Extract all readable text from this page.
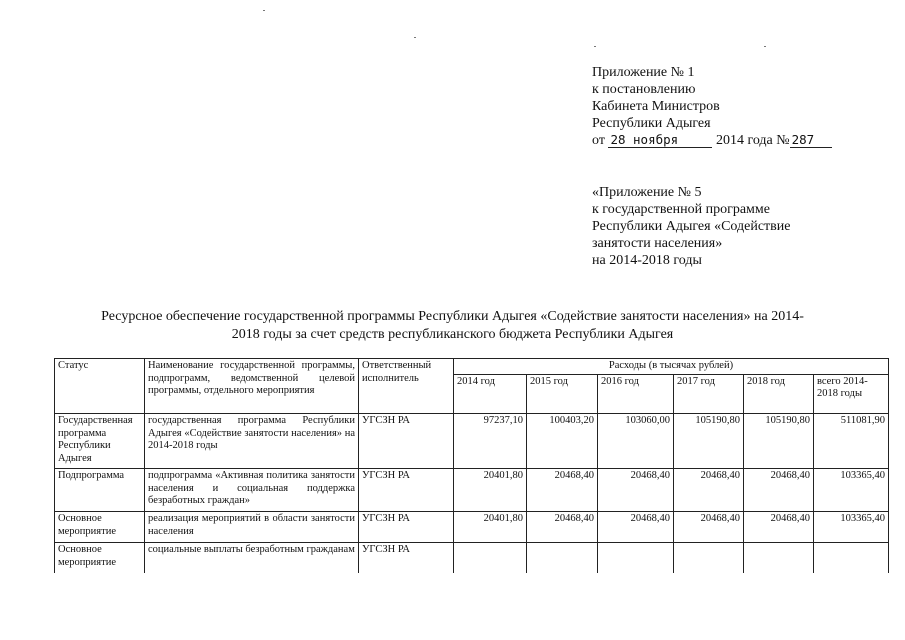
Приложение № 1
к постановлению
Кабинета Министров
Республики Адыгея
от 28 ноября	2014 года № 287
«Приложение № 5
к государственной программе
Республики Адыгея «Содействие
занятости населения»
на 2014-2018 годы
Ресурсное обеспечение государственной программы Республики Адыгея «Содействие занятости населения» на 2014-
2018 годы за счет средств республиканского бюджета Республики Адыгея
Статус	Наименование государственной программы, подпрограмм, ведомственной целевой программы, отдельного мероприятия	Ответственный исполнитель	Расходы (в тысячах рублей)					
			2014 год	2015 год	2016 год	2017 год	2018 год	всего 2014-2018 годы
Государственная программа Республики Адыгея	государственная программа Республики Адыгея «Содействие занятости населения» на 2014-2018 годы	УГСЗН РА	97237,10	100403,20	103060,00	105190,80	105190,80	511081,90
Подпрограмма	подпрограмма «Активная политика занятости населения и социальная поддержка безработных граждан»	УГСЗН РА	20401,80	20468,40	20468,40	20468,40	20468,40	103365,40
Основное мероприятие	реализация мероприятий в области занятости населения	УГСЗН РА	20401,80	20468,40	20468,40	20468,40	20468,40	103365,40
Основное мероприятие	социальные выплаты безработным гражданам	УГСЗН РА						
